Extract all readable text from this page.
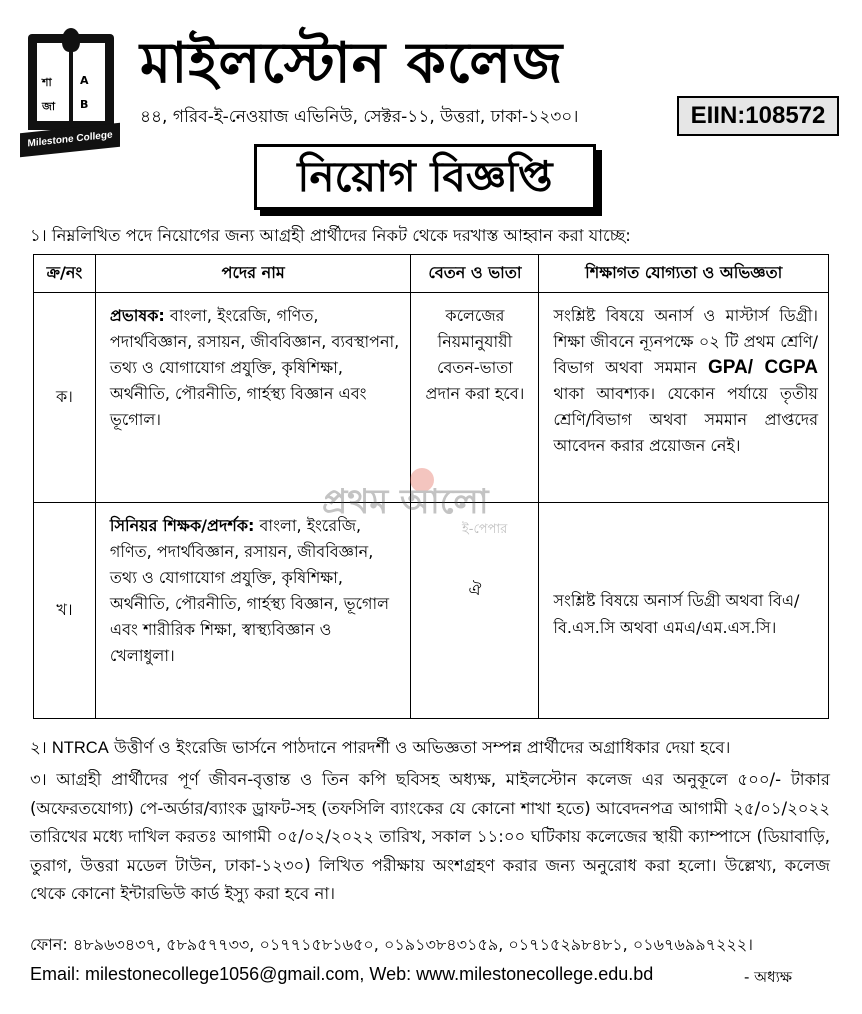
শা	A
জা B
Milestone College
মাইলস্টোন কলেজ
৪৪, গরিব-ই-নেওয়াজ এভিনিউ, সেক্টর-১১, উত্তরা, ঢাকা-১২৩০।	EIIN:108572
নিয়োগ বিজ্ঞপ্তি
১। নিম্নলিখিত পদে নিয়োগের জন্য আগ্রহী প্রার্থীদের নিকট থেকে দরখাস্ত আহ্বান করা যাচ্ছে:
ক্র/নং	পদের নাম	বেতন ও ভাতা	শিক্ষাগত যোগ্যতা ও অভিজ্ঞতা
ক।	প্রভাষক: বাংলা, ইংরেজি, গণিত, পদার্থবিজ্ঞান, রসায়ন, জীববিজ্ঞান, ব্যবস্থাপনা, তথ্য ও যোগাযোগ প্রযুক্তি, কৃষিশিক্ষা, অর্থনীতি, পৌরনীতি, গার্হস্থ্য বিজ্ঞান এবং ভূগোল।	কলেজের নিয়মানুযায়ী বেতন-ভাতা প্রদান করা হবে।	সংশ্লিষ্ট বিষয়ে অনার্স ও মাস্টার্স ডিগ্রী। শিক্ষা জীবনে ন্যূনপক্ষে ০২ টি প্রথম শ্রেণি/বিভাগ অথবা সমমান GPA/ CGPA থাকা আবশ্যক। যেকোন পর্যায়ে তৃতীয় শ্রেণি/বিভাগ অথবা সমমান প্রাপ্তদের আবেদন করার প্রয়োজন নেই।
খ।	সিনিয়র শিক্ষক/প্রদর্শক: বাংলা, ইংরেজি, গণিত, পদার্থবিজ্ঞান, রসায়ন, জীববিজ্ঞান, তথ্য ও যোগাযোগ প্রযুক্তি, কৃষিশিক্ষা, অর্থনীতি, পৌরনীতি, গার্হস্থ্য বিজ্ঞান, ভূগোল এবং শারীরিক শিক্ষা, স্বাস্থ্যবিজ্ঞান ও খেলাধুলা।	ঐ	সংশ্লিষ্ট বিষয়ে অনার্স ডিগ্রী অথবা বিএ/বি.এস.সি অথবা এমএ/এম.এস.সি।
প্রথম আলো
ই-পেপার
২। NTRCA উত্তীর্ণ ও ইংরেজি ভার্সনে পাঠদানে পারদর্শী ও অভিজ্ঞতা সম্পন্ন প্রার্থীদের অগ্রাধিকার দেয়া হবে।
৩। আগ্রহী প্রার্থীদের পূর্ণ জীবন-বৃত্তান্ত ও তিন কপি ছবিসহ অধ্যক্ষ, মাইলস্টোন কলেজ এর অনুকূলে ৫০০/- টাকার (অফেরতযোগ্য) পে-অর্ডার/ব্যাংক ড্রাফট-সহ (তফসিলি ব্যাংকের যে কোনো শাখা হতে) আবেদনপত্র আগামী ২৫/০১/২০২২ তারিখের মধ্যে দাখিল করতঃ আগামী ০৫/০২/২০২২ তারিখ, সকাল ১১:০০ ঘটিকায় কলেজের স্থায়ী ক্যাম্পাসে (ডিয়াবাড়ি, তুরাগ, উত্তরা মডেল টাউন, ঢাকা-১২৩০) লিখিত পরীক্ষায় অংশগ্রহণ করার জন্য অনুরোধ করা হলো। উল্লেখ্য, কলেজ থেকে কোনো ইন্টারভিউ কার্ড ইস্যু করা হবে না।
ফোন: ৪৮৯৬৩৪৩৭, ৫৮৯৫৭৭৩৩, ০১৭৭১৫৮১৬৫০, ০১৯১৩৮৪৩১৫৯, ০১৭১৫২৯৮৪৮১, ০১৬৭৬৯৯৭২২২।
Email: milestonecollege1056@gmail.com, Web: www.milestonecollege.edu.bd	- অধ্যক্ষ
